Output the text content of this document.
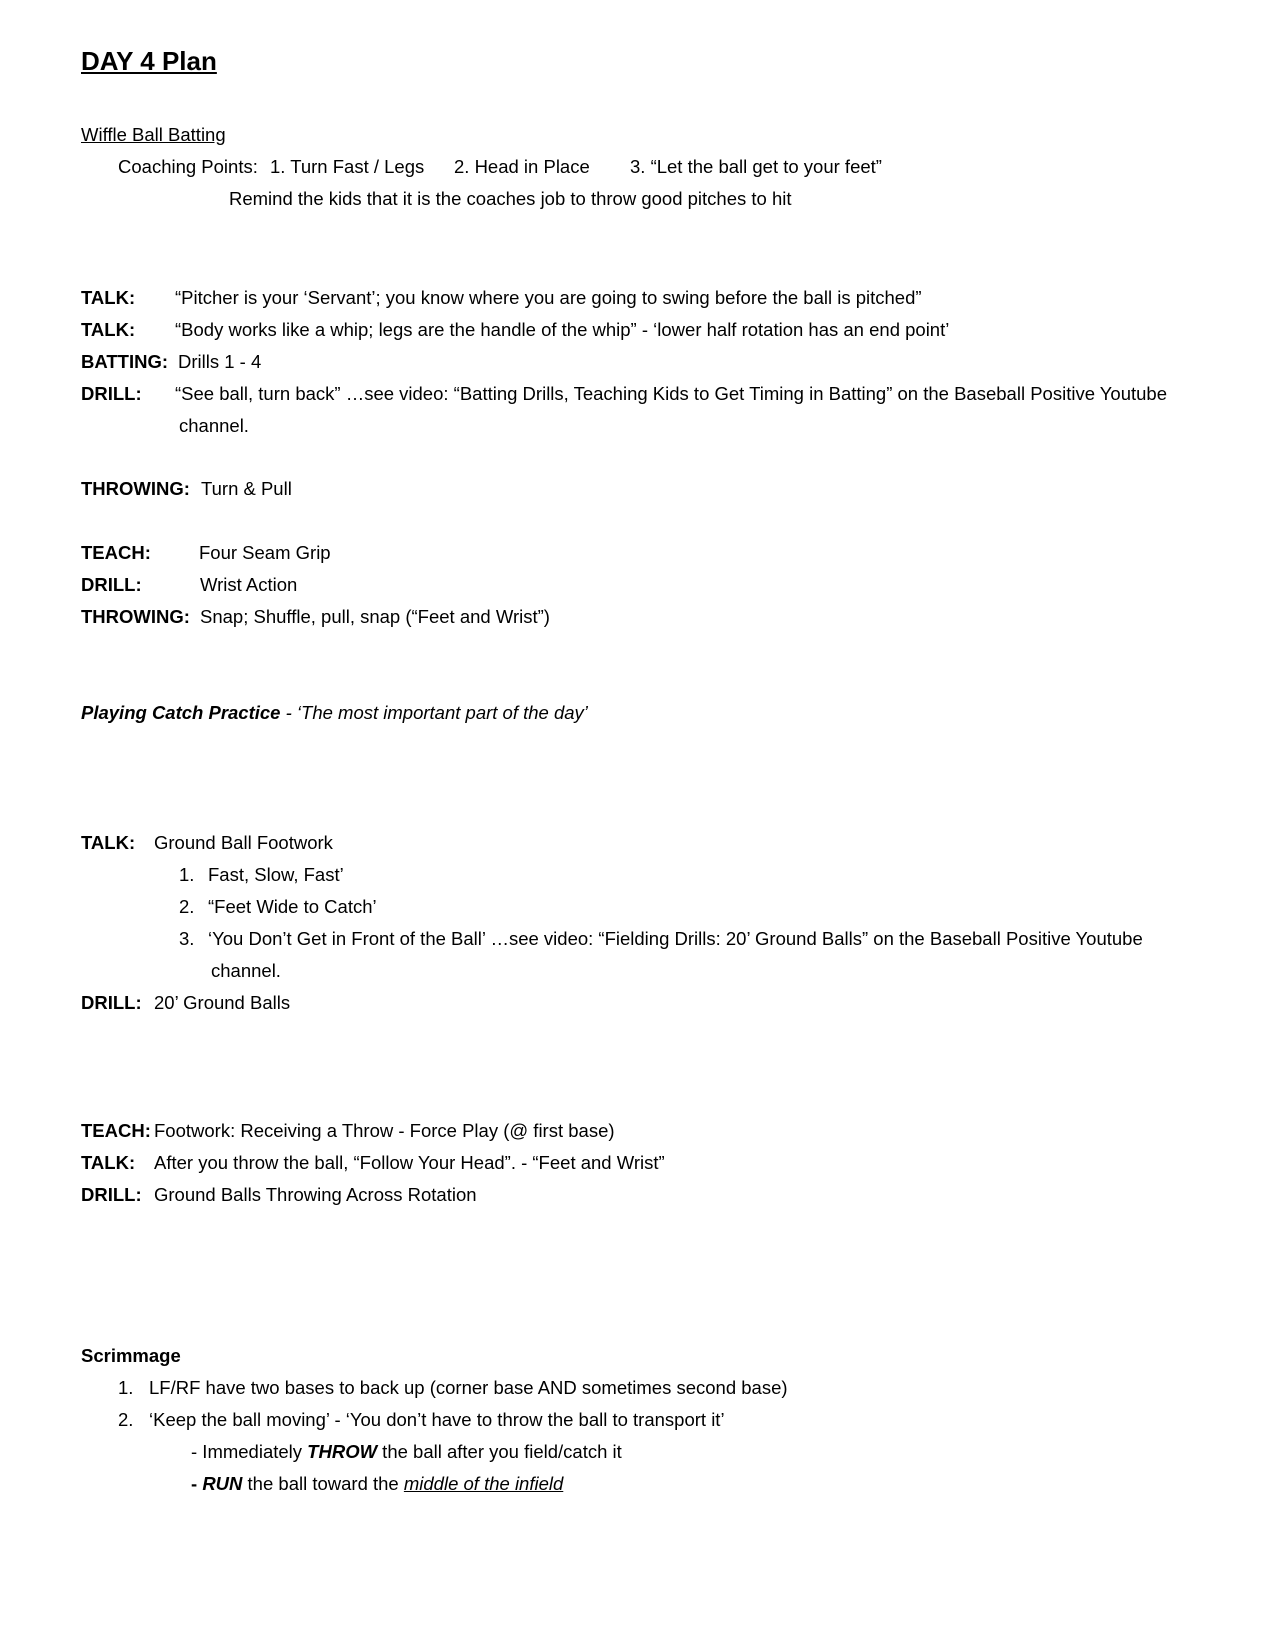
DAY 4 Plan
Wiffle Ball Batting
Coaching Points: 1. Turn Fast / Legs 2. Head in Place 3. “Let the ball get to your feet”
Remind the kids that it is the coaches job to throw good pitches to hit
TALK: “Pitcher is your ‘Servant’; you know where you are going to swing before the ball is pitched”
TALK: “Body works like a whip; legs are the handle of the whip” - ‘lower half rotation has an end point’
BATTING: Drills 1 - 4
DRILL: “See ball, turn back” …see video: “Batting Drills, Teaching Kids to Get Timing in Batting” on the Baseball Positive Youtube
channel.
THROWING: Turn & Pull
TEACH:	Four Seam Grip
DRILL:	Wrist Action
THROWING: Snap; Shuffle, pull, snap (“Feet and Wrist”)
Playing Catch Practice - ‘The most important part of the day’
TALK: Ground Ball Footwork
1. Fast, Slow, Fast’
2. “Feet Wide to Catch’
3. ‘You Don’t Get in Front of the Ball’ …see video: “Fielding Drills: 20’ Ground Balls” on the Baseball Positive Youtube
channel.
DRILL: 20’ Ground Balls
TEACH: Footwork: Receiving a Throw - Force Play (@ first base)
TALK: After you throw the ball, “Follow Your Head”. - “Feet and Wrist”
DRILL: Ground Balls Throwing Across Rotation
Scrimmage
1. LF/RF have two bases to back up (corner base AND sometimes second base)
2. ‘Keep the ball moving’ - ‘You don’t have to throw the ball to transport it’
- Immediately THROW the ball after you field/catch it
- RUN the ball toward the middle of the infield
